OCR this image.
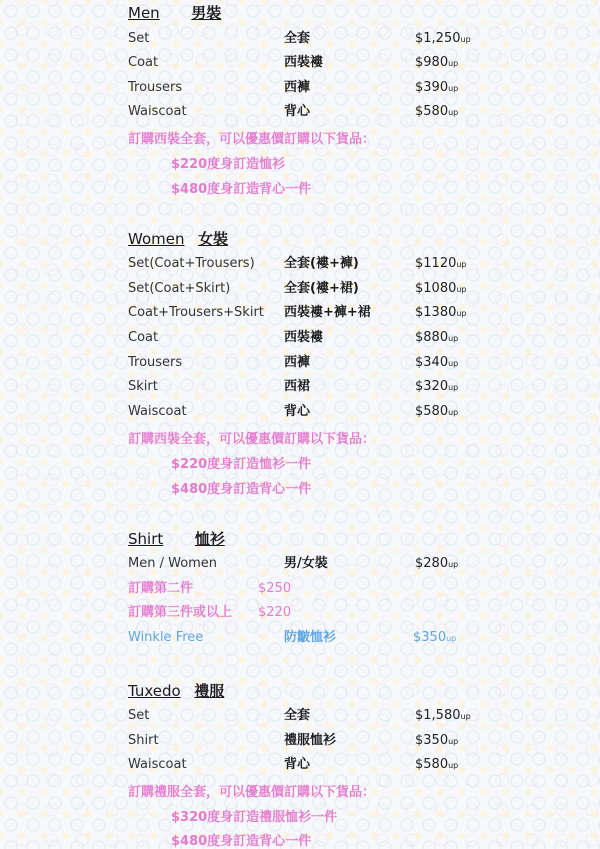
Men 男裝
Set	全套	$1,250up
Coat	西裝褸	$980up
Trousers	西褲	$390up
Waiscoat	背心	$580up
訂購西裝全套，可以優惠價訂購以下貨品：
$220度身訂造恤衫
$480度身訂造背心一件
Women 女裝
Set(Coat+Trousers) 全套(褸+褲)	$1120up
Set(Coat+Skirt)	全套(褸+裙)	$1080up
Coat+Trousers+Skirt 西裝褸+褲+裙	$1380up
Coat	西裝褸	$880up
Trousers	西褲	$340up
Skirt	西裙	$320up
Waiscoat	背心	$580up
訂購西裝全套，可以優惠價訂購以下貨品：
$220度身訂造恤衫一件
$480度身訂造背心一件
Shirt 恤衫
Men / Women	男/女裝	$280up
訂購第二件	$250
訂購第三件或以上 $220
Winkle Free	防皺恤衫	$350up
Tuxedo 禮服
Set	全套	$1,580up
Shirt	禮服恤衫	$350up
Waiscoat	背心	$580up
訂購禮服全套，可以優惠價訂購以下貨品：
$320度身訂造禮服恤衫一件
$480度身訂造背心一件
